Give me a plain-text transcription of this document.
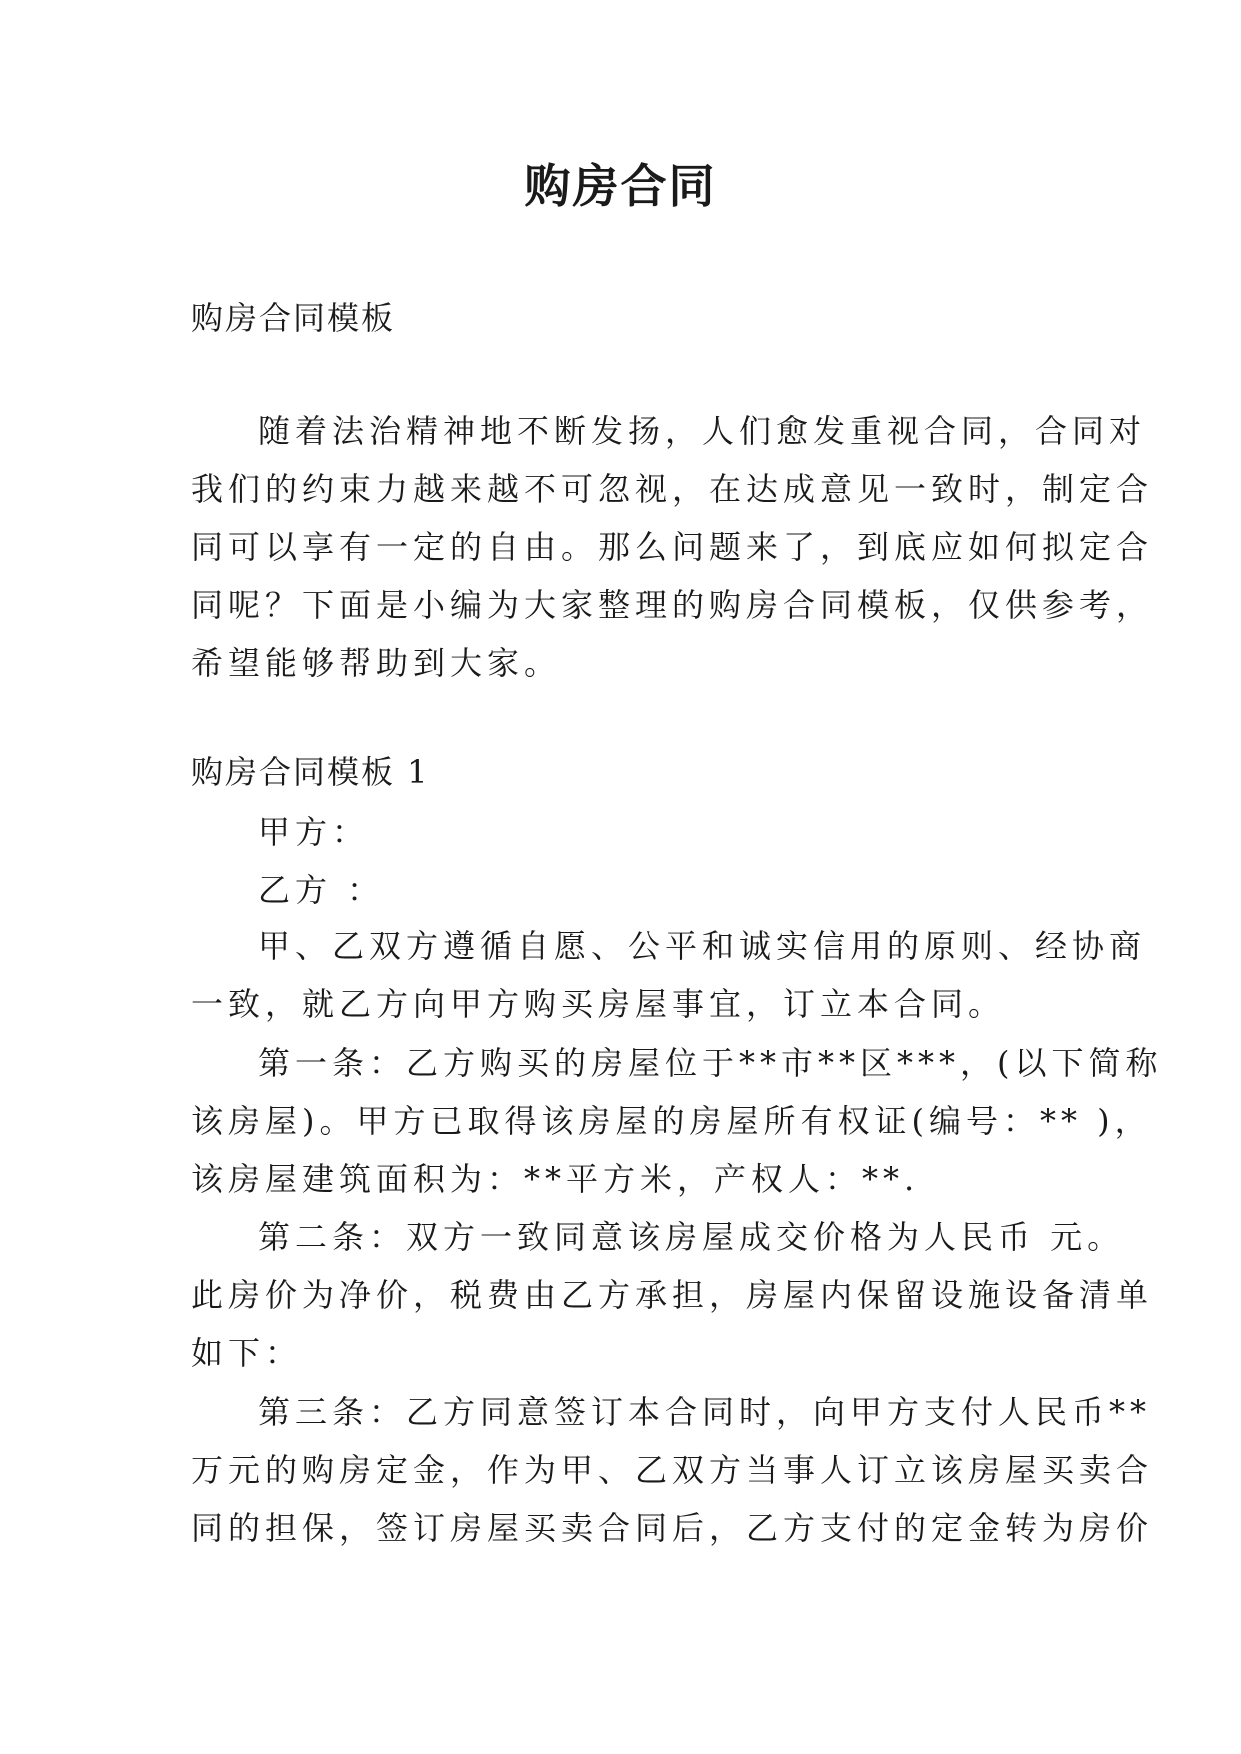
购房合同
购房合同模板
随着法治精神地不断发扬，人们愈发重视合同，合同对
我们的约束力越来越不可忽视，在达成意见一致时，制定合
同可以享有一定的自由。那么问题来了，到底应如何拟定合
同呢？下面是小编为大家整理的购房合同模板，仅供参考，
希望能够帮助到大家。
购房合同模板 1
甲方：
乙方 ：
甲、乙双方遵循自愿、公平和诚实信用的原则、经协商
一致，就乙方向甲方购买房屋事宜，订立本合同。
第一条：乙方购买的房屋位于**市**区***，(以下简称
该房屋)。甲方已取得该房屋的房屋所有权证(编号：** )，
该房屋建筑面积为：**平方米，产权人：**.
第二条：双方一致同意该房屋成交价格为人民币 元。
此房价为净价，税费由乙方承担，房屋内保留设施设备清单
如下：
第三条：乙方同意签订本合同时，向甲方支付人民币**
万元的购房定金，作为甲、乙双方当事人订立该房屋买卖合
同的担保，签订房屋买卖合同后，乙方支付的定金转为房价
